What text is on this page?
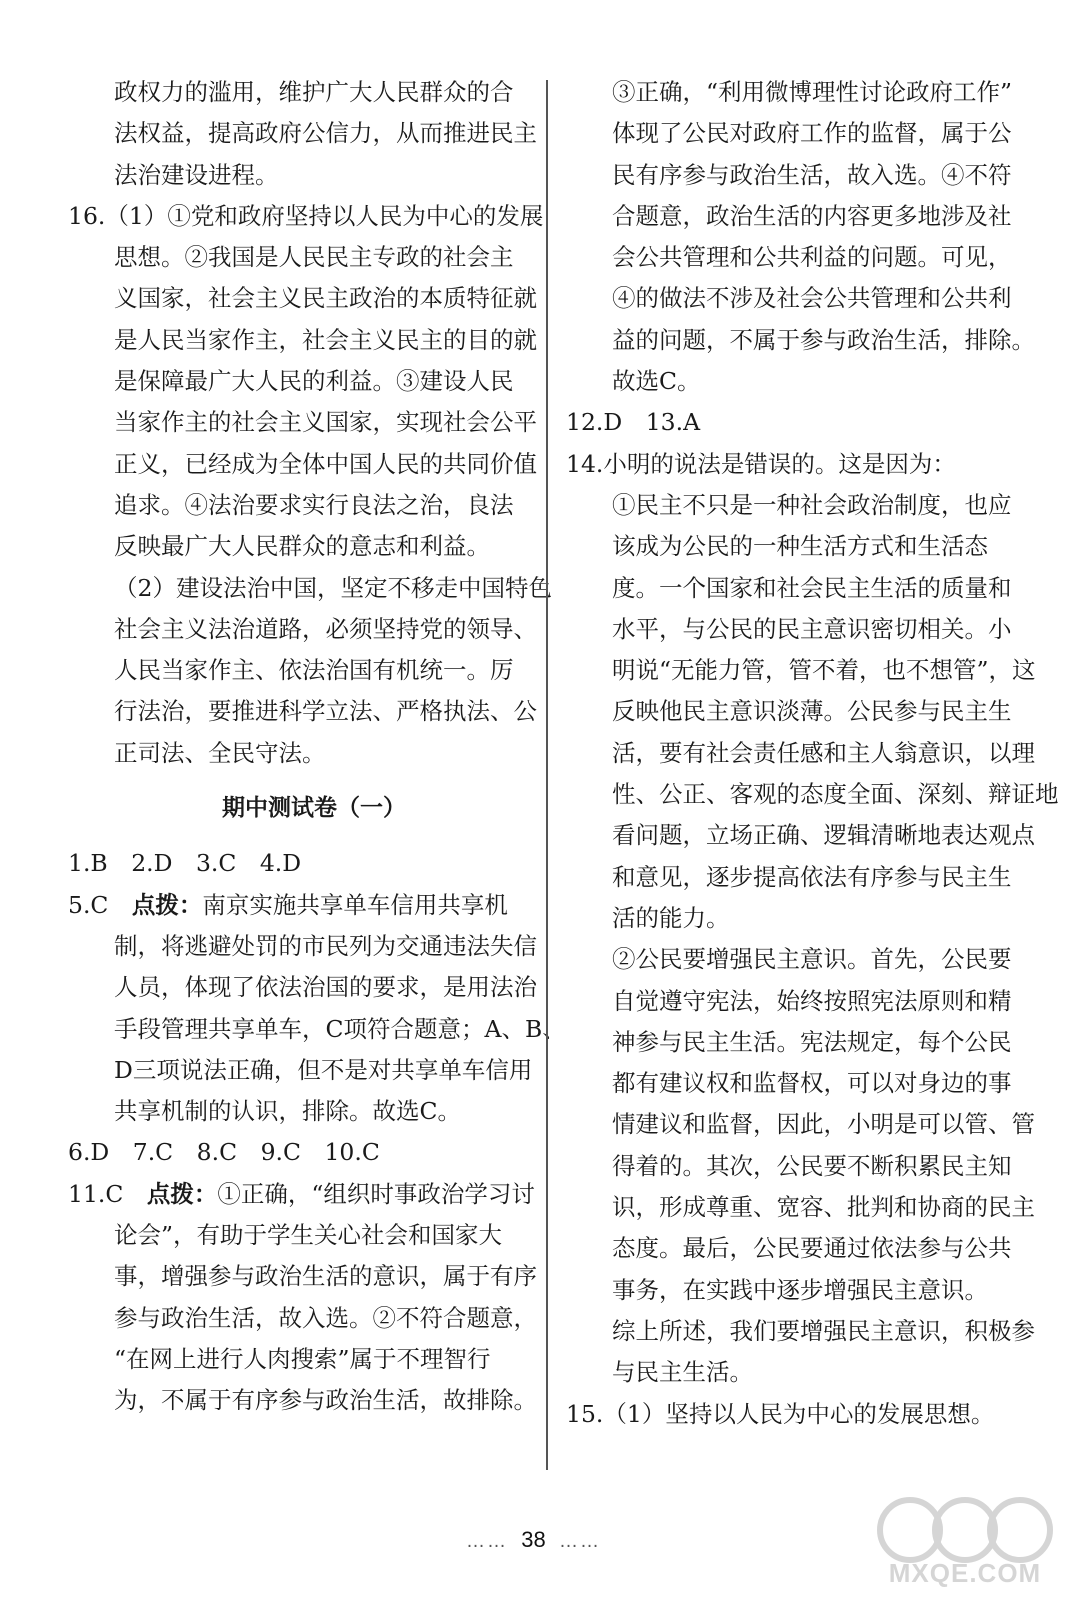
政权力的滥用，维护广大人民群众的合
法权益，提高政府公信力，从而推进民主
法治建设进程。
16.（1）①党和政府坚持以人民为中心的发展
思想。②我国是人民民主专政的社会主
义国家，社会主义民主政治的本质特征就
是人民当家作主，社会主义民主的目的就
是保障最广大人民的利益。③建设人民
当家作主的社会主义国家，实现社会公平
正义，已经成为全体中国人民的共同价值
追求。④法治要求实行良法之治，良法
反映最广大人民群众的意志和利益。
（2）建设法治中国，坚定不移走中国特色
社会主义法治道路，必须坚持党的领导、
人民当家作主、依法治国有机统一。厉
行法治，要推进科学立法、严格执法、公
正司法、全民守法。
期中测试卷（一）
1.B　2.D　3.C　4.D
5.C　点拨：南京实施共享单车信用共享机
制，将逃避处罚的市民列为交通违法失信
人员，体现了依法治国的要求，是用法治
手段管理共享单车，C项符合题意；A、B、
D三项说法正确，但不是对共享单车信用
共享机制的认识，排除。故选C。
6.D　7.C　8.C　9.C　10.C
11.C　点拨：①正确，“组织时事政治学习讨
论会”，有助于学生关心社会和国家大
事，增强参与政治生活的意识，属于有序
参与政治生活，故入选。②不符合题意，
“在网上进行人肉搜索”属于不理智行
为，不属于有序参与政治生活，故排除。
③正确，“利用微博理性讨论政府工作”
体现了公民对政府工作的监督，属于公
民有序参与政治生活，故入选。④不符
合题意，政治生活的内容更多地涉及社
会公共管理和公共利益的问题。可见，
④的做法不涉及社会公共管理和公共利
益的问题，不属于参与政治生活，排除。
故选C。
12.D　13.A
14.小明的说法是错误的。这是因为：
①民主不只是一种社会政治制度，也应
该成为公民的一种生活方式和生活态
度。一个国家和社会民主生活的质量和
水平，与公民的民主意识密切相关。小
明说“无能力管，管不着，也不想管”，这
反映他民主意识淡薄。公民参与民主生
活，要有社会责任感和主人翁意识，以理
性、公正、客观的态度全面、深刻、辩证地
看问题，立场正确、逻辑清晰地表达观点
和意见，逐步提高依法有序参与民主生
活的能力。
②公民要增强民主意识。首先，公民要
自觉遵守宪法，始终按照宪法原则和精
神参与民主生活。宪法规定，每个公民
都有建议权和监督权，可以对身边的事
情建议和监督，因此，小明是可以管、管
得着的。其次，公民要不断积累民主知
识，形成尊重、宽容、批判和协商的民主
态度。最后，公民要通过依法参与公共
事务，在实践中逐步增强民主意识。
综上所述，我们要增强民主意识，积极参
与民主生活。
15.（1）坚持以人民为中心的发展思想。
…… 38 ……
MXQE.COM
